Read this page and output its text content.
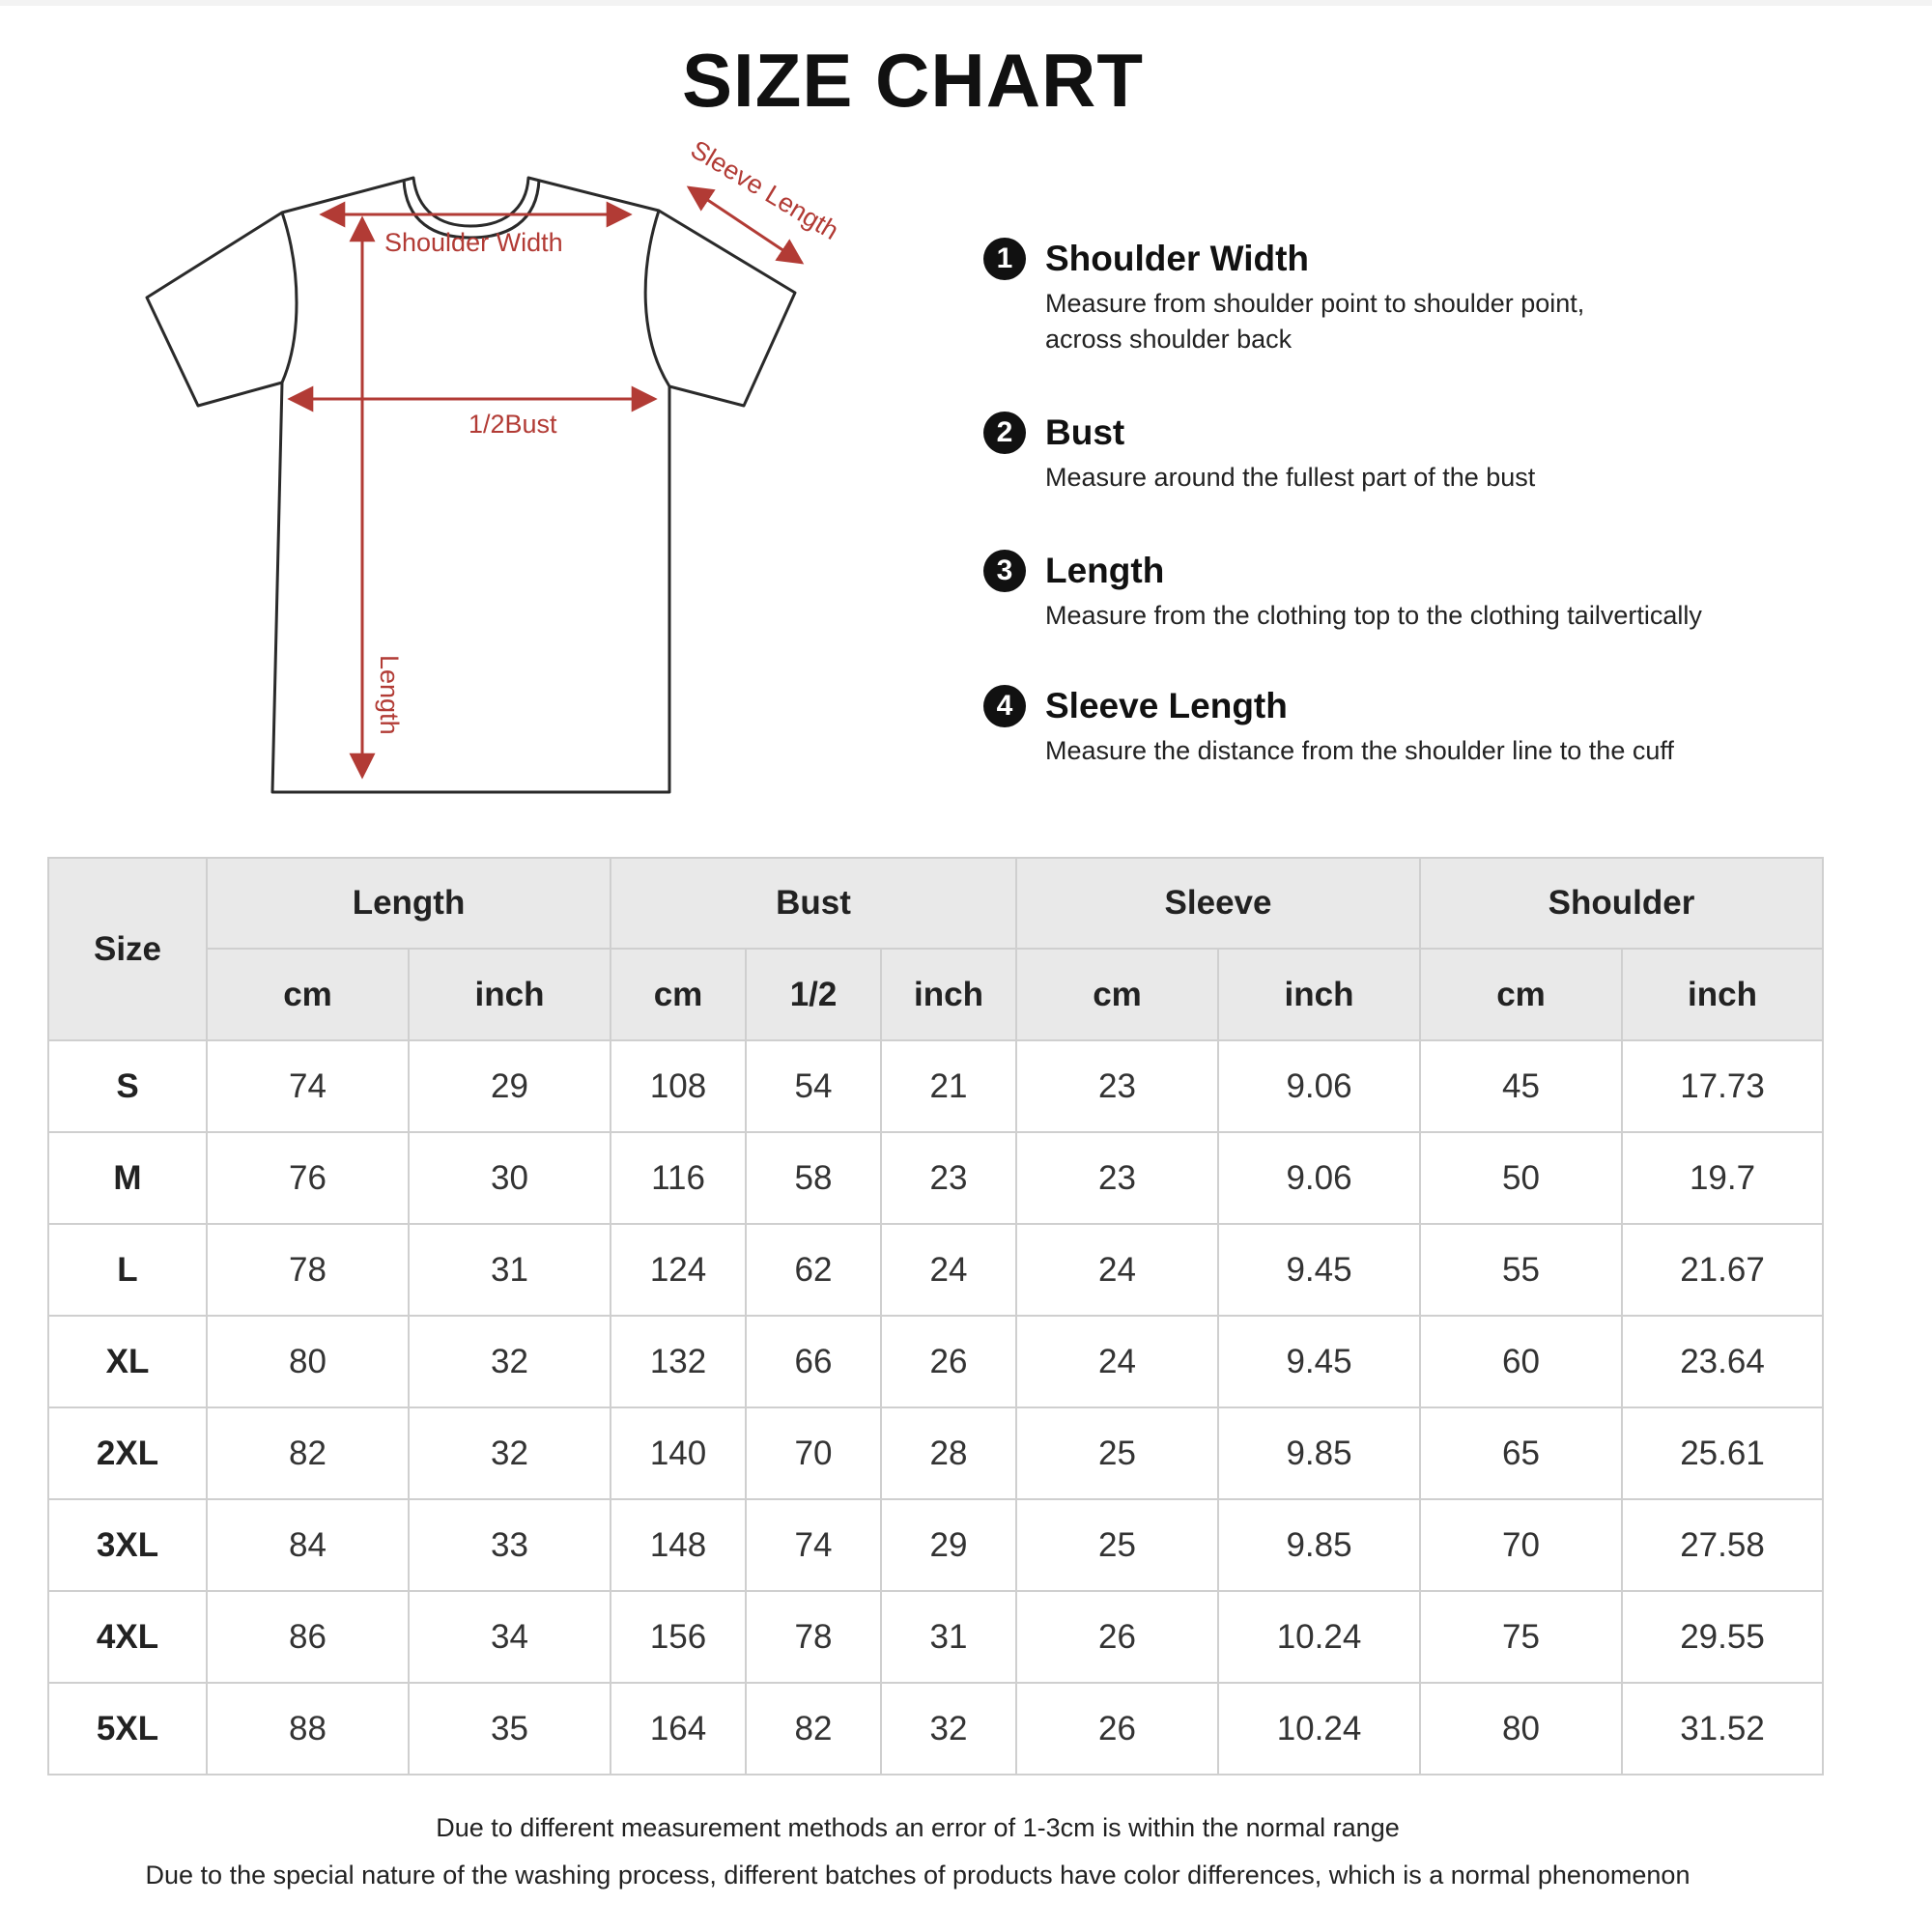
SIZE CHART
Shoulder Width
1/2Bust
Length
Sleeve Length
1 Shoulder Width
Measure from shoulder point to shoulder point,
across shoulder back
2 Bust
Measure around the fullest part of the bust
3 Length
Measure from the clothing top to the clothing tailvertically
4 Sleeve Length
Measure the distance from the shoulder line to the cuff
Size	Length		Bust			Sleeve		Shoulder	
	cm	inch	cm	1/2	inch	cm	inch	cm	inch
S	74	29	108	54	21	23	9.06	45	17.73
M	76	30	116	58	23	23	9.06	50	19.7
L	78	31	124	62	24	24	9.45	55	21.67
XL	80	32	132	66	26	24	9.45	60	23.64
2XL	82	32	140	70	28	25	9.85	65	25.61
3XL	84	33	148	74	29	25	9.85	70	27.58
4XL	86	34	156	78	31	26	10.24	75	29.55
5XL	88	35	164	82	32	26	10.24	80	31.52
Due to different measurement methods an error of 1-3cm is within the normal range
Due to the special nature of the washing process, different batches of products have color differences, which is a normal phenomenon
